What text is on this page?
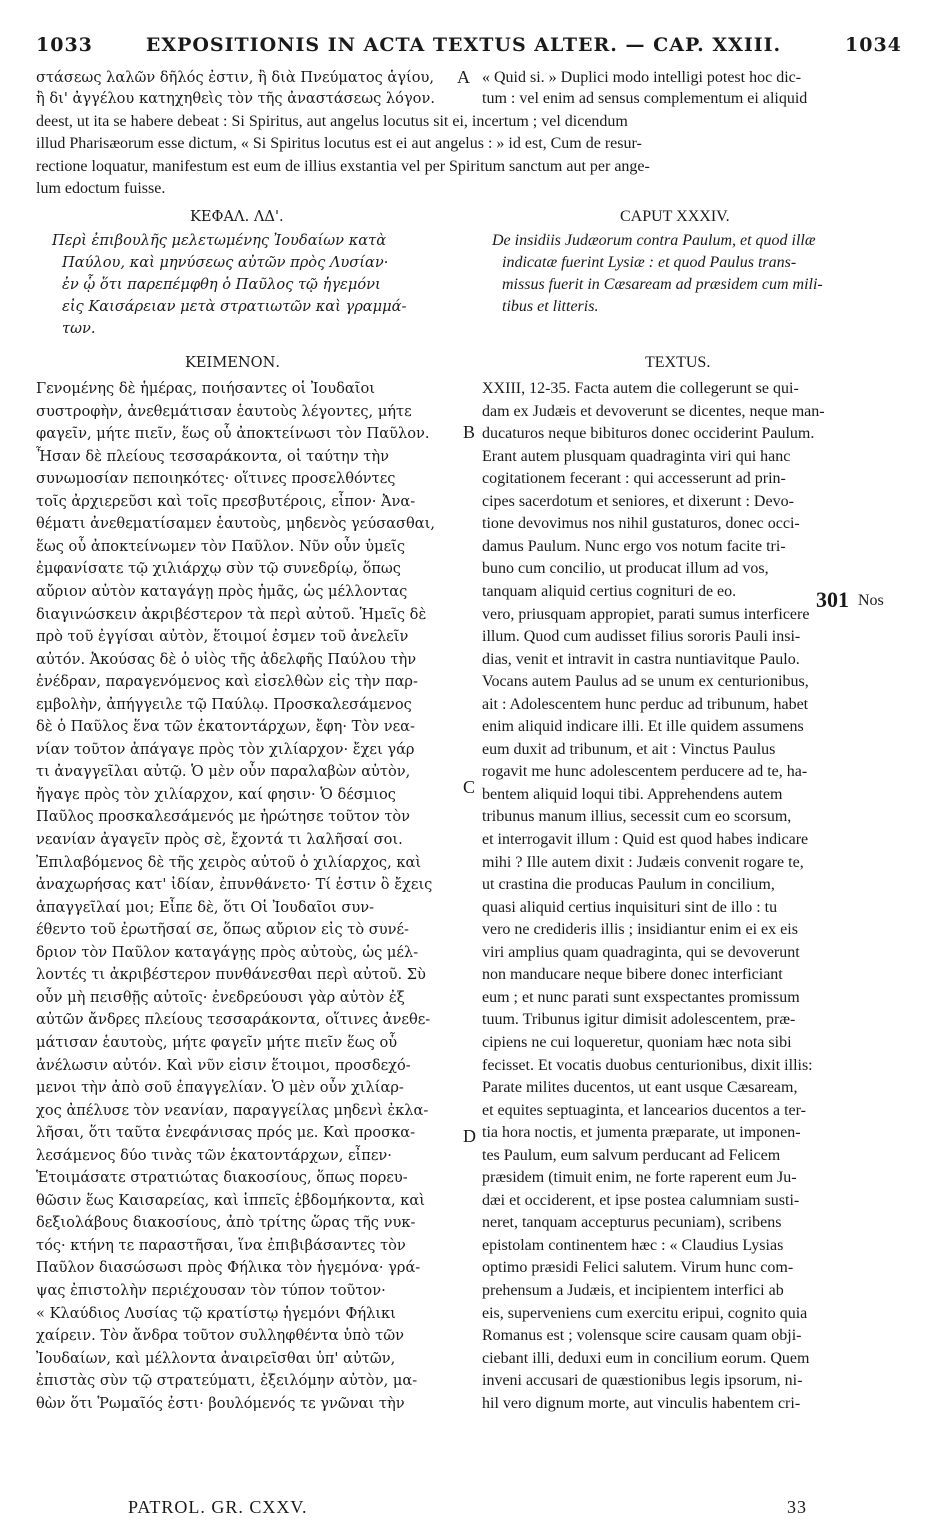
1033	EXPOSITIONIS IN ACTA TEXTUS ALTER. — CAP. XXIII.	1034
στάσεως λαλῶν δῆλός ἐστιν, ἢ διὰ Πνεύματος ἁγίου,
ἢ δι' ἀγγέλου κατηχηθεὶς τὸν τῆς ἀναστάσεως λόγον.
A « Quid si. » Duplici modo intelligi potest hoc dic-
tum : vel enim ad sensus complementum ei aliquid
deest, ut ita se habere debeat : Si Spiritus, aut angelus locutus sit ei, incertum ; vel dicendum
illud Pharisæorum esse dictum, « Si Spiritus locutus est ei aut angelus : » id est, Cum de resur-
rectione loquatur, manifestum est eum de illius exstantia vel per Spiritum sanctum aut per ange-
lum edoctum fuisse.
ΚΕΦΑΛ. ΛΔ'.	CAPUT XXXIV.
Περὶ ἐπιβουλῆς μελετωμένης Ἰουδαίων κατὰ
Παύλου, καὶ μηνύσεως αὐτῶν πρὸς Λυσίαν·
ἐν ᾧ ὅτι παρεπέμφθη ὁ Παῦλος τῷ ἡγεμόνι
εἰς Καισάρειαν μετὰ στρατιωτῶν καὶ γραμμά-
των.
De insidiis Judæorum contra Paulum, et quod illæ
indicatæ fuerint Lysiæ : et quod Paulus trans-
missus fuerit in Cæsaream ad præsidem cum mili-
tibus et litteris.
ΚΕΙΜΕΝΟΝ.	TEXTUS.
Γενομένης δὲ ἡμέρας, ποιήσαντες οἱ Ἰουδαῖοι
συστροφὴν, ἀνεθεμάτισαν ἑαυτοὺς λέγοντες, μήτε
φαγεῖν, μήτε πιεῖν, ἕως οὗ ἀποκτείνωσι τὸν Παῦλον.
Ἦσαν δὲ πλείους τεσσαράκοντα, οἱ ταύτην τὴν
συνωμοσίαν πεποιηκότες· οἵτινες προσελθόντες
τοῖς ἀρχιερεῦσι καὶ τοῖς πρεσβυτέροις, εἶπον· Ἀνα-
θέματι ἀνεθεματίσαμεν ἑαυτοὺς, μηδενὸς γεύσασθαι,
ἕως οὗ ἀποκτείνωμεν τὸν Παῦλον. Νῦν οὖν ὑμεῖς
ἐμφανίσατε τῷ χιλιάρχῳ σὺν τῷ συνεδρίῳ, ὅπως
αὔριον αὐτὸν καταγάγῃ πρὸς ἡμᾶς, ὡς μέλλοντας
διαγινώσκειν ἀκριβέστερον τὰ περὶ αὐτοῦ. Ἡμεῖς δὲ
πρὸ τοῦ ἐγγίσαι αὐτὸν, ἕτοιμοί ἐσμεν τοῦ ἀνελεῖν
αὐτόν. Ἀκούσας δὲ ὁ υἱὸς τῆς ἀδελφῆς Παύλου τὴν
ἐνέδραν, παραγενόμενος καὶ εἰσελθὼν εἰς τὴν παρ-
εμβολὴν, ἀπήγγειλε τῷ Παύλῳ. Προσκαλεσάμενος
δὲ ὁ Παῦλος ἕνα τῶν ἑκατοντάρχων, ἔφη· Τὸν νεα-
νίαν τοῦτον ἀπάγαγε πρὸς τὸν χιλίαρχον· ἔχει γάρ
τι ἀναγγεῖλαι αὐτῷ. Ὁ μὲν οὖν παραλαβὼν αὐτὸν,
ἤγαγε πρὸς τὸν χιλίαρχον, καί φησιν· Ὁ δέσμιος
Παῦλος προσκαλεσάμενός με ἠρώτησε τοῦτον τὸν
νεανίαν ἀγαγεῖν πρὸς σὲ, ἔχοντά τι λαλῆσαί σοι.
Ἐπιλαβόμενος δὲ τῆς χειρὸς αὐτοῦ ὁ χιλίαρχος, καὶ
ἀναχωρήσας κατ' ἰδίαν, ἐπυνθάνετο· Τί ἐστιν ὃ ἔχεις
ἀπαγγεῖλαί μοι; Εἶπε δὲ, ὅτι Οἱ Ἰουδαῖοι συν-
έθεντο τοῦ ἐρωτῆσαί σε, ὅπως αὔριον εἰς τὸ συνέ-
δριον τὸν Παῦλον καταγάγῃς πρὸς αὐτοὺς, ὡς μέλ-
λοντές τι ἀκριβέστερον πυνθάνεσθαι περὶ αὐτοῦ. Σὺ
οὖν μὴ πεισθῇς αὐτοῖς· ἐνεδρεύουσι γὰρ αὐτὸν ἐξ
αὐτῶν ἄνδρες πλείους τεσσαράκοντα, οἵτινες ἀνεθε-
μάτισαν ἑαυτοὺς, μήτε φαγεῖν μήτε πιεῖν ἕως οὗ
ἀνέλωσιν αὐτόν. Καὶ νῦν εἰσιν ἕτοιμοι, προσδεχό-
μενοι τὴν ἀπὸ σοῦ ἐπαγγελίαν. Ὁ μὲν οὖν χιλίαρ-
χος ἀπέλυσε τὸν νεανίαν, παραγγείλας μηδενὶ ἐκλα-
λῆσαι, ὅτι ταῦτα ἐνεφάνισας πρός με. Καὶ προσκα-
λεσάμενος δύο τινὰς τῶν ἑκατοντάρχων, εἶπεν·
Ἑτοιμάσατε στρατιώτας διακοσίους, ὅπως πορευ-
θῶσιν ἕως Καισαρείας, καὶ ἱππεῖς ἑβδομήκοντα, καὶ
δεξιολάβους διακοσίους, ἀπὸ τρίτης ὥρας τῆς νυκ-
τός· κτήνη τε παραστῆσαι, ἵνα ἐπιβιβάσαντες τὸν
Παῦλον διασώσωσι πρὸς Φήλικα τὸν ἡγεμόνα· γρά-
ψας ἐπιστολὴν περιέχουσαν τὸν τύπον τοῦτον·
« Κλαύδιος Λυσίας τῷ κρατίστῳ ἡγεμόνι Φήλικι
χαίρειν. Τὸν ἄνδρα τοῦτον συλληφθέντα ὑπὸ τῶν
Ἰουδαίων, καὶ μέλλοντα ἀναιρεῖσθαι ὑπ' αὐτῶν,
ἐπιστὰς σὺν τῷ στρατεύματι, ἐξειλόμην αὐτὸν, μα-
θὼν ὅτι Ῥωμαῖός ἐστι· βουλόμενός τε γνῶναι τὴν
XXIII, 12-35. Facta autem die collegerunt se qui-
dam ex Judæis et devoverunt se dicentes, neque man-
ducaturos neque bibituros donec occiderint Paulum.
Erant autem plusquam quadraginta viri qui hanc
cogitationem fecerant : qui accesserunt ad prin-
cipes sacerdotum et seniores, et dixerunt : Devo-
tione devovimus nos nihil gustaturos, donec occi-
damus Paulum. Nunc ergo vos notum facite tri-
buno cum concilio, ut producat illum ad vos,
tanquam aliquid certius cognituri de eo.
vero, priusquam appropiet, parati sumus interficere
illum. Quod cum audisset filius sororis Pauli insi-
dias, venit et intravit in castra nuntiavitque Paulo.
Vocans autem Paulus ad se unum ex centurionibus,
ait : Adolescentem hunc perduc ad tribunum, habet
enim aliquid indicare illi. Et ille quidem assumens
eum duxit ad tribunum, et ait : Vinctus Paulus
rogavit me hunc adolescentem perducere ad te, ha-
bentem aliquid loqui tibi. Apprehendens autem
tribunus manum illius, secessit cum eo scorsum,
et interrogavit illum : Quid est quod habes indicare
mihi ? Ille autem dixit : Judæis convenit rogare te,
ut crastina die producas Paulum in concilium,
quasi aliquid certius inquisituri sint de illo : tu
vero ne credideris illis ; insidiantur enim ei ex eis
viri amplius quam quadraginta, qui se devoverunt
non manducare neque bibere donec interficiant
eum ; et nunc parati sunt exspectantes promissum
tuum. Tribunus igitur dimisit adolescentem, præ-
cipiens ne cui loqueretur, quoniam hæc nota sibi
fecisset. Et vocatis duobus centurionibus, dixit illis:
Parate milites ducentos, ut eant usque Cæsaream,
et equites septuaginta, et lancearios ducentos a ter-
tia hora noctis, et jumenta præparate, ut imponen-
tes Paulum, eum salvum perducant ad Felicem
præsidem (timuit enim, ne forte raperent eum Ju-
dæi et occiderent, et ipse postea calumniam susti-
neret, tanquam accepturus pecuniam), scribens
epistolam continentem hæc : « Claudius Lysias
optimo præsidi Felici salutem. Virum hunc com-
prehensum a Judæis, et incipientem interfici ab
eis, superveniens cum exercitu eripui, cognito quia
Romanus est ; volensque scire causam quam obji-
ciebant illi, deduxi eum in concilium eorum. Quem
inveni accusari de quæstionibus legis ipsorum, ni-
hil vero dignum morte, aut vinculis habentem cri-
301 Nos
B
C
D
PATROL. GR. CXXV.	33
